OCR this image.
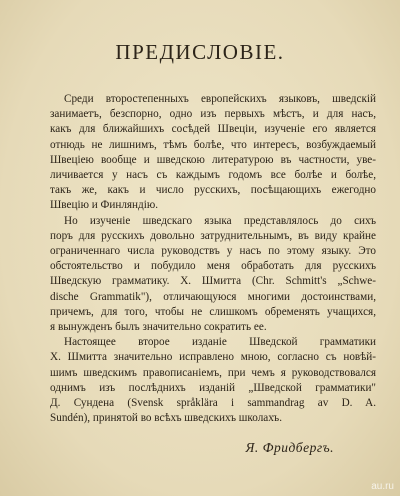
ПРЕДИСЛОВІЕ.
Среди второстепенныхъ европейскихъ языковъ, шведскій
занимаетъ, безспорно, одно изъ первыхъ мѣстъ, и для насъ,
какъ для ближайшихъ сосѣдей Швеціи, изученіе его является
отнюдь не лишнимъ, тѣмъ болѣе, что интересъ, возбуждаемый
Швеціею вообще и шведскою литературою въ частности, уве-
личивается у насъ съ каждымъ годомъ все болѣе и болѣе,
такъ же, какъ и число русскихъ, посѣщающихъ ежегодно
Швецію и Финляндію.
Но изученіе шведскаго языка представлялось до сихъ
поръ для русскихъ довольно затруднительнымъ, въ виду крайне
ограниченнаго числа руководствъ у насъ по этому языку. Это
обстоятельство и побудило меня обработать для русскихъ
Шведскую грамматику. Х. Шмитта (Chr. Schmitt's „Schwe-
dische Grammatik"), отличающуюся многими достоинствами,
причемъ, для того, чтобы не слишкомъ обременять учащихся,
я вынужденъ былъ значительно сократить ее.
Настоящее второе изданіе Шведской грамматики
Х. Шмитта значительно исправлено мною, согласно съ новѣй-
шимъ шведскимъ правописаніемъ, при чемъ я руководствовался
однимъ изъ послѣднихъ изданій „Шведской грамматики"
Д. Сундена (Svensk språklära i sammandrag av D. A.
Sundén), принятой во всѣхъ шведскихъ школахъ.
Я. Фридбергъ.
au.ru
